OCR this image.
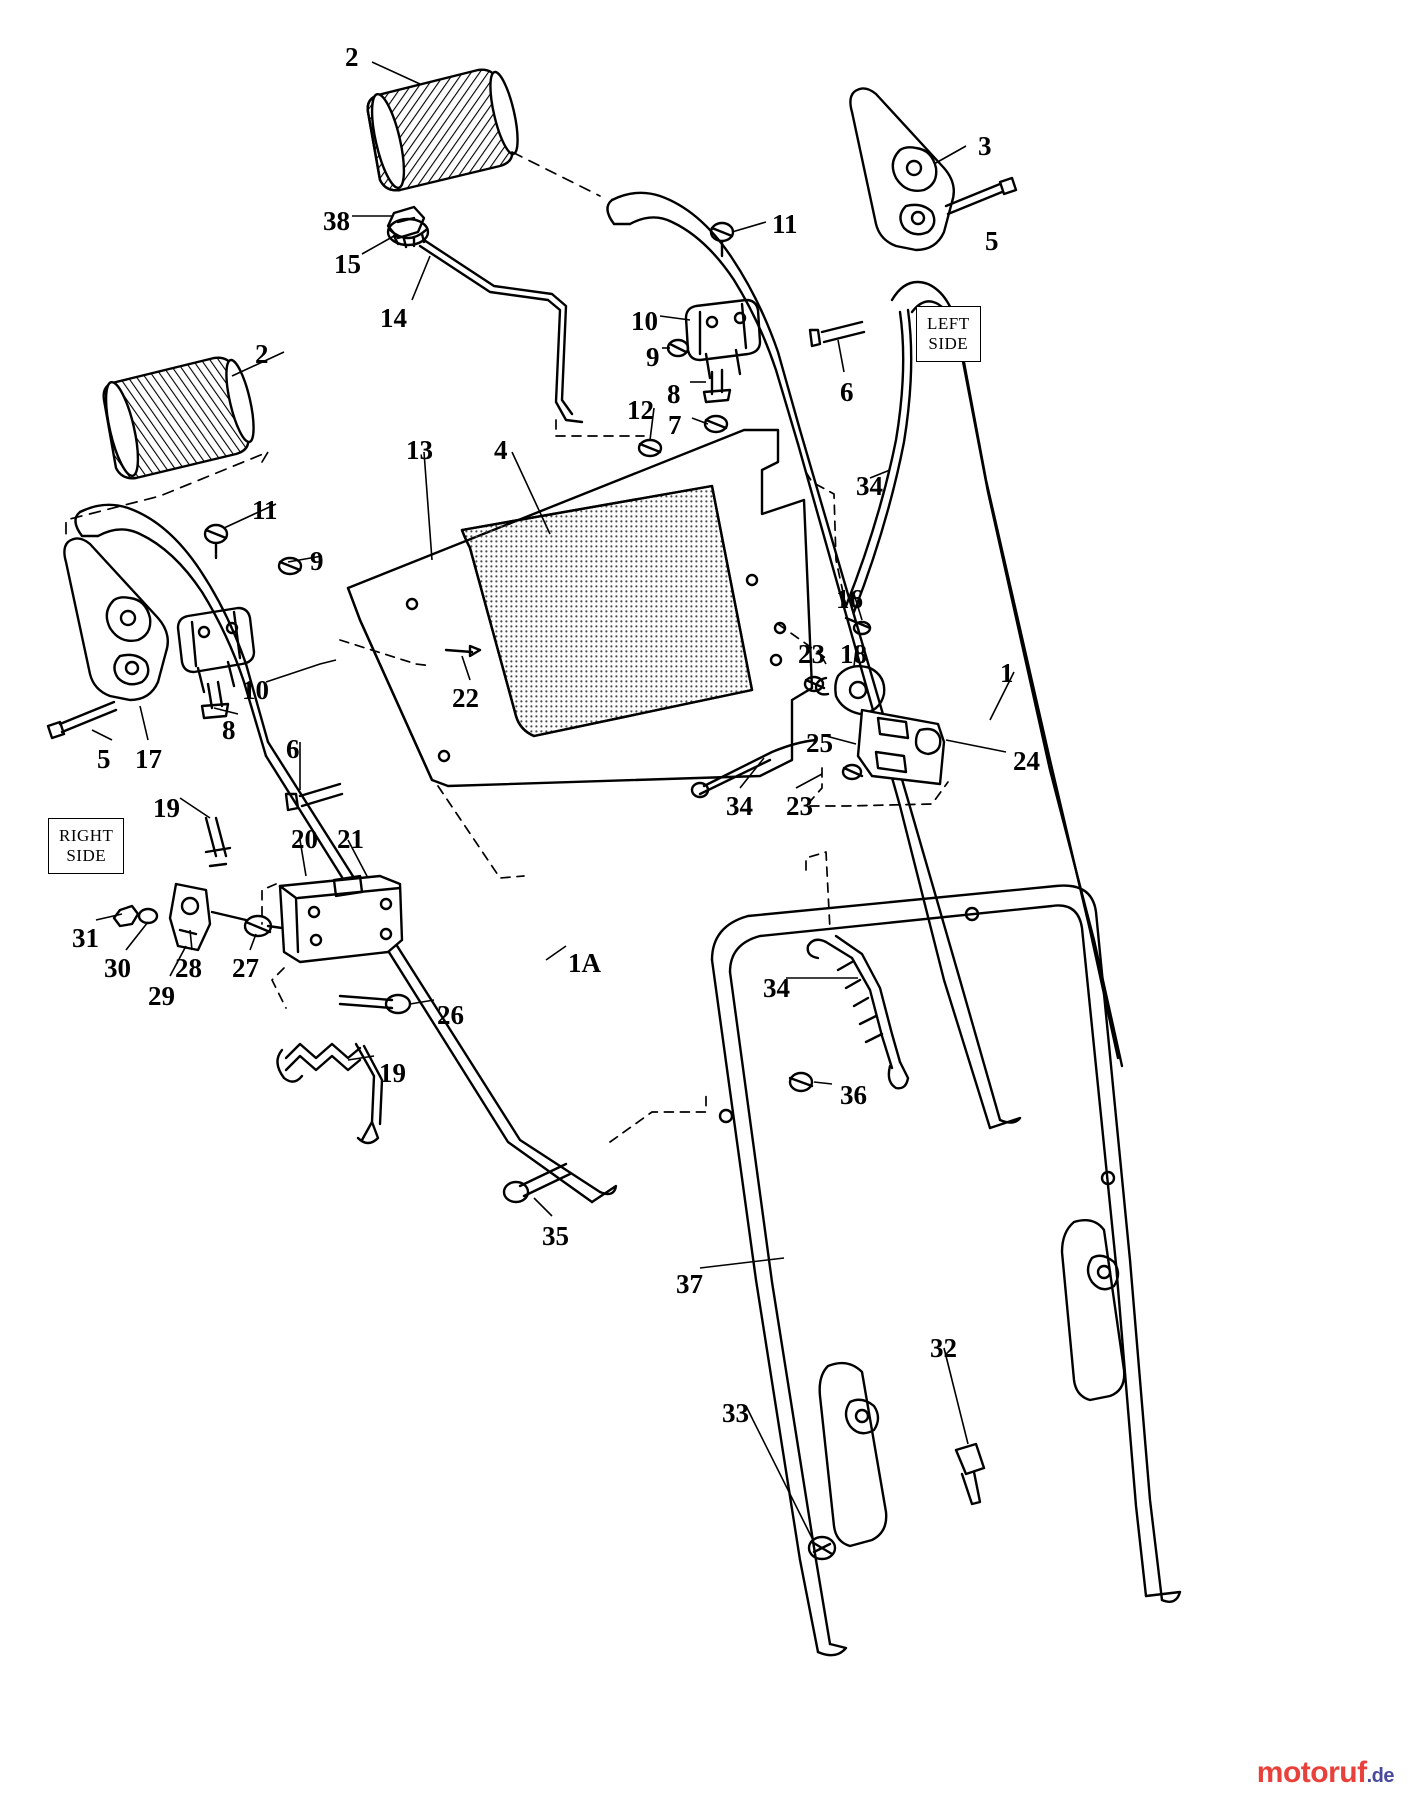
LEFT
SIDE
RIGHT
SIDE
2
3
11
38
5
15
14	10
9
2
6
8
12 7
13 4
34
11
9
16
23 18
1
10	22
8	25
24
5 17	6
34 23
19
20 21
31
30 28 27
29
1A
34
26
19
36
35
37
32
33
motoruf.de
